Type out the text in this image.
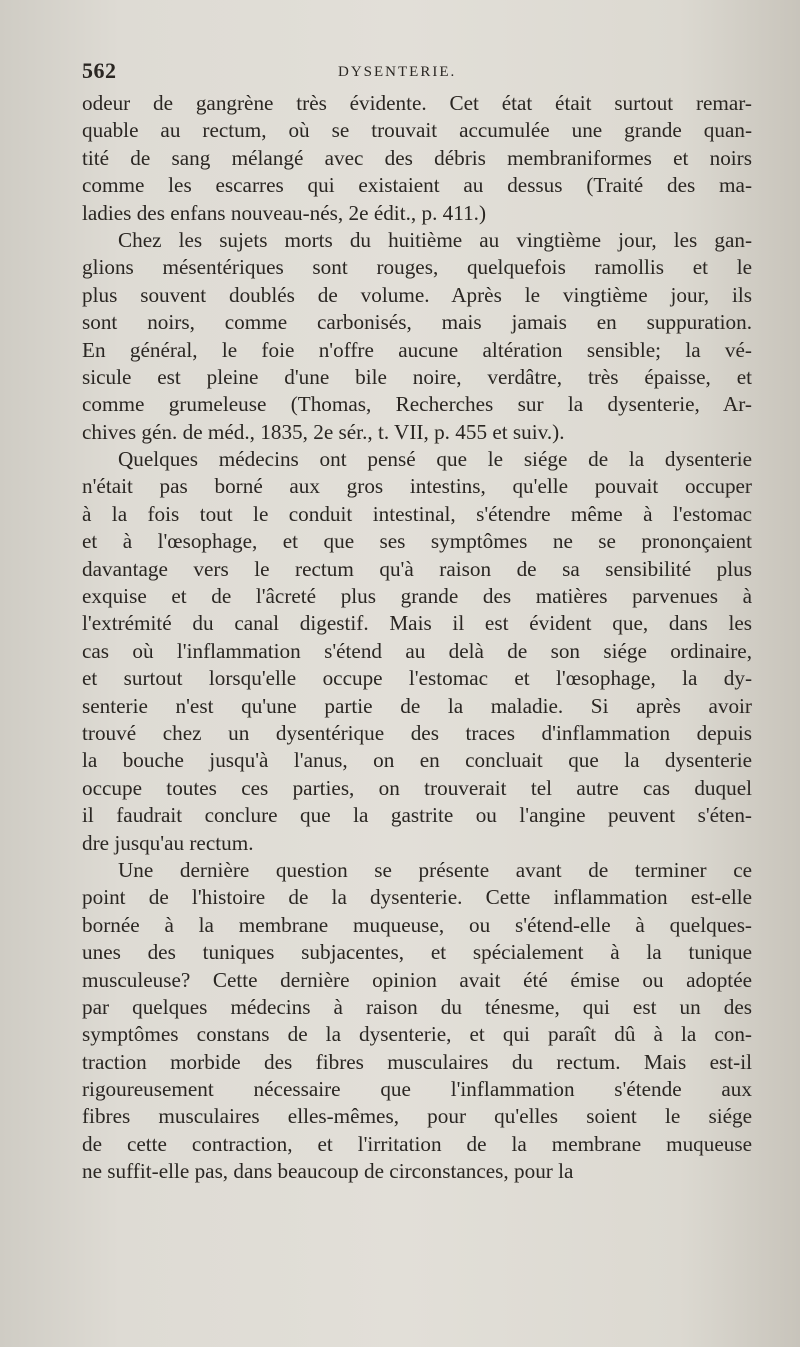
562	DYSENTERIE.
odeur de gangrène très évidente. Cet état était surtout remar-
quable au rectum, où se trouvait accumulée une grande quan-
tité de sang mélangé avec des débris membraniformes et noirs
comme les escarres qui existaient au dessus (Traité des ma-
ladies des enfans nouveau-nés, 2e édit., p. 411.)
Chez les sujets morts du huitième au vingtième jour, les gan-
glions mésentériques sont rouges, quelquefois ramollis et le
plus souvent doublés de volume. Après le vingtième jour, ils
sont noirs, comme carbonisés, mais jamais en suppuration.
En général, le foie n'offre aucune altération sensible; la vé-
sicule est pleine d'une bile noire, verdâtre, très épaisse, et
comme grumeleuse (Thomas, Recherches sur la dysenterie, Ar-
chives gén. de méd., 1835, 2e sér., t. VII, p. 455 et suiv.).
Quelques médecins ont pensé que le siége de la dysenterie
n'était pas borné aux gros intestins, qu'elle pouvait occuper
à la fois tout le conduit intestinal, s'étendre même à l'estomac
et à l'œsophage, et que ses symptômes ne se prononçaient
davantage vers le rectum qu'à raison de sa sensibilité plus
exquise et de l'âcreté plus grande des matières parvenues à
l'extrémité du canal digestif. Mais il est évident que, dans les
cas où l'inflammation s'étend au delà de son siége ordinaire,
et surtout lorsqu'elle occupe l'estomac et l'œsophage, la dy-
senterie n'est qu'une partie de la maladie. Si après avoir
trouvé chez un dysentérique des traces d'inflammation depuis
la bouche jusqu'à l'anus, on en concluait que la dysenterie
occupe toutes ces parties, on trouverait tel autre cas duquel
il faudrait conclure que la gastrite ou l'angine peuvent s'éten-
dre jusqu'au rectum.
Une dernière question se présente avant de terminer ce
point de l'histoire de la dysenterie. Cette inflammation est-elle
bornée à la membrane muqueuse, ou s'étend-elle à quelques-
unes des tuniques subjacentes, et spécialement à la tunique
musculeuse? Cette dernière opinion avait été émise ou adoptée
par quelques médecins à raison du ténesme, qui est un des
symptômes constans de la dysenterie, et qui paraît dû à la con-
traction morbide des fibres musculaires du rectum. Mais est-il
rigoureusement nécessaire que l'inflammation s'étende aux
fibres musculaires elles-mêmes, pour qu'elles soient le siége
de cette contraction, et l'irritation de la membrane muqueuse
ne suffit-elle pas, dans beaucoup de circonstances, pour la
